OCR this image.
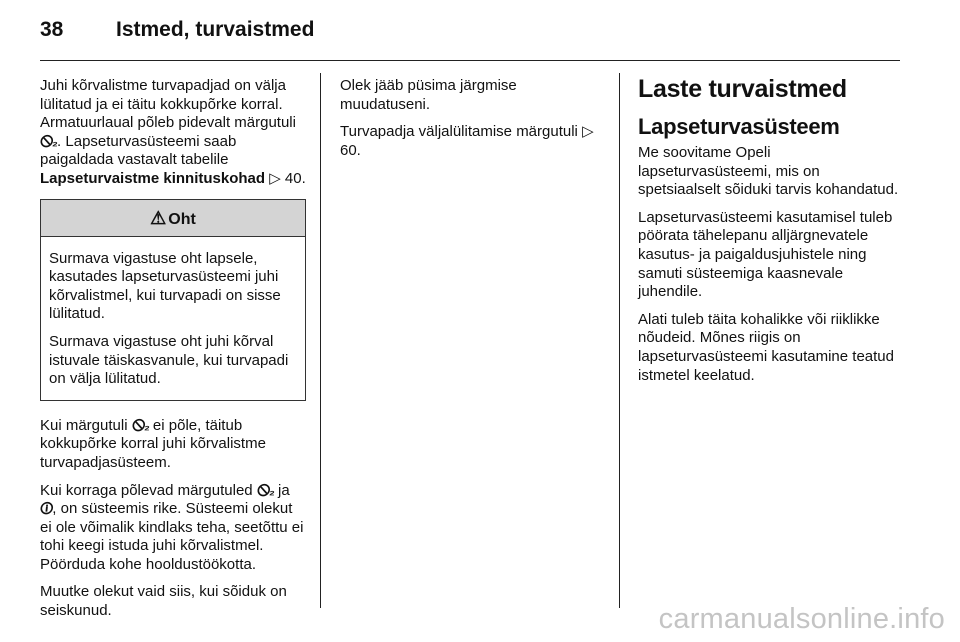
38	Istmed, turvaistmed

Juhi kõrvalistme turvapadjad on välja lülitatud ja ei täitu kokkupõrke korral. Armatuurlaual põleb pidevalt märgutuli 🛇₂. Lapseturvasüsteemi saab paigaldada vastavalt tabelile Lapseturvaistme kinnituskohad ▷ 40.

⚠ Oht

Surmava vigastuse oht lapsele, kasutades lapseturvasüsteemi juhi kõrvalistmel, kui turvapadi on sisse lülitatud.

Surmava vigastuse oht juhi kõrval istuvale täiskasvanule, kui turvapadi on välja lülitatud.

Kui märgutuli 🛇₂ ei põle, täitub kokkupõrke korral juhi kõrvalistme turvapadjasüsteem.

Kui korraga põlevad märgutuled 🛇₂ ja 🛈, on süsteemis rike. Süsteemi olekut ei ole võimalik kindlaks teha, seetõttu ei tohi keegi istuda juhi kõrvalistmel. Pöörduda kohe hooldustöökotta.

Muutke olekut vaid siis, kui sõiduk on seiskunud.

Olek jääb püsima järgmise muudatuseni.

Turvapadja väljalülitamise märgutuli ▷ 60.

Laste turvaistmed
Lapseturvasüsteem

Me soovitame Opeli lapseturvasüsteemi, mis on spetsiaalselt sõiduki tarvis kohandatud.

Lapseturvasüsteemi kasutamisel tuleb pöörata tähelepanu alljärgnevatele kasutus- ja paigaldusjuhistele ning samuti süsteemiga kaasnevale juhendile.

Alati tuleb täita kohalikke või riiklikke nõudeid. Mõnes riigis on lapseturvasüsteemi kasutamine teatud istmetel keelatud.

carmanualsonline.info
